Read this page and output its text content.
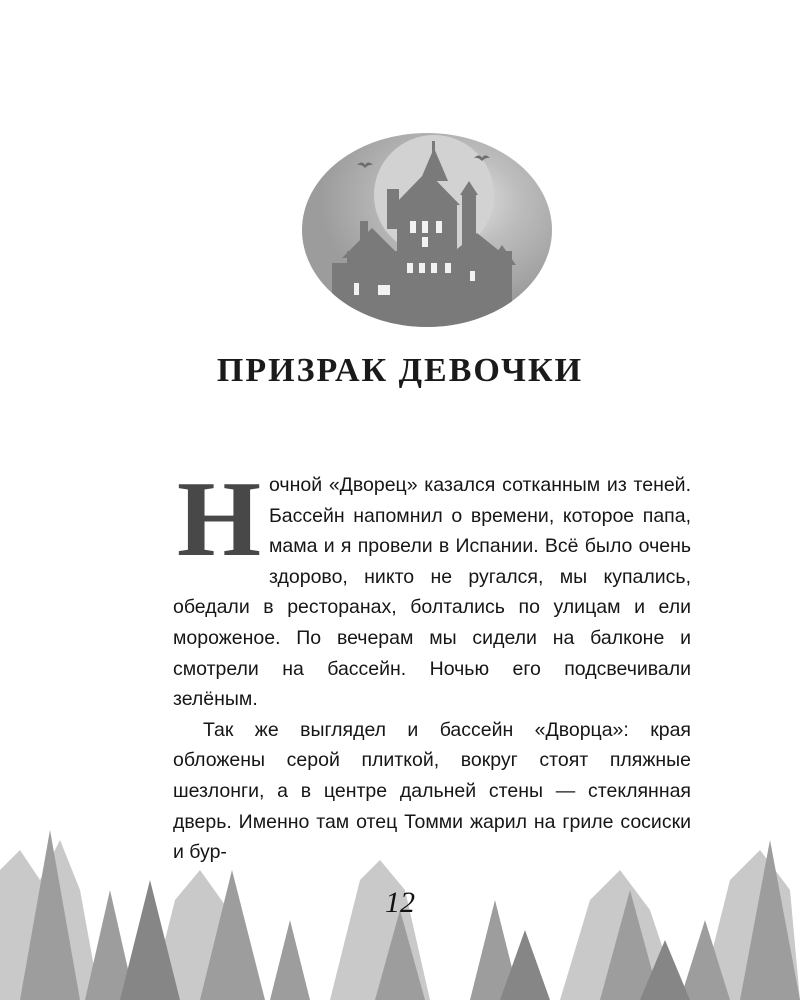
ПРИЗРАК ДЕВОЧКИ
Н очной «Дворец» казался сотканным из теней. Бассейн напомнил о времени, которое папа, мама и я провели в Испании. Всё было очень здорово, никто не ругался, мы купались, обедали в ресторанах, болтались по улицам и ели мороженое. По вечерам мы сидели на балконе и смотрели на бассейн. Ночью его подсвечивали зелёным.

Так же выглядел и бассейн «Дворца»: края обложены серой плиткой, вокруг стоят пляжные шезлонги, а в центре дальней стены — стеклянная дверь. Именно там отец Томми жарил на гриле сосиски и бур-

12
